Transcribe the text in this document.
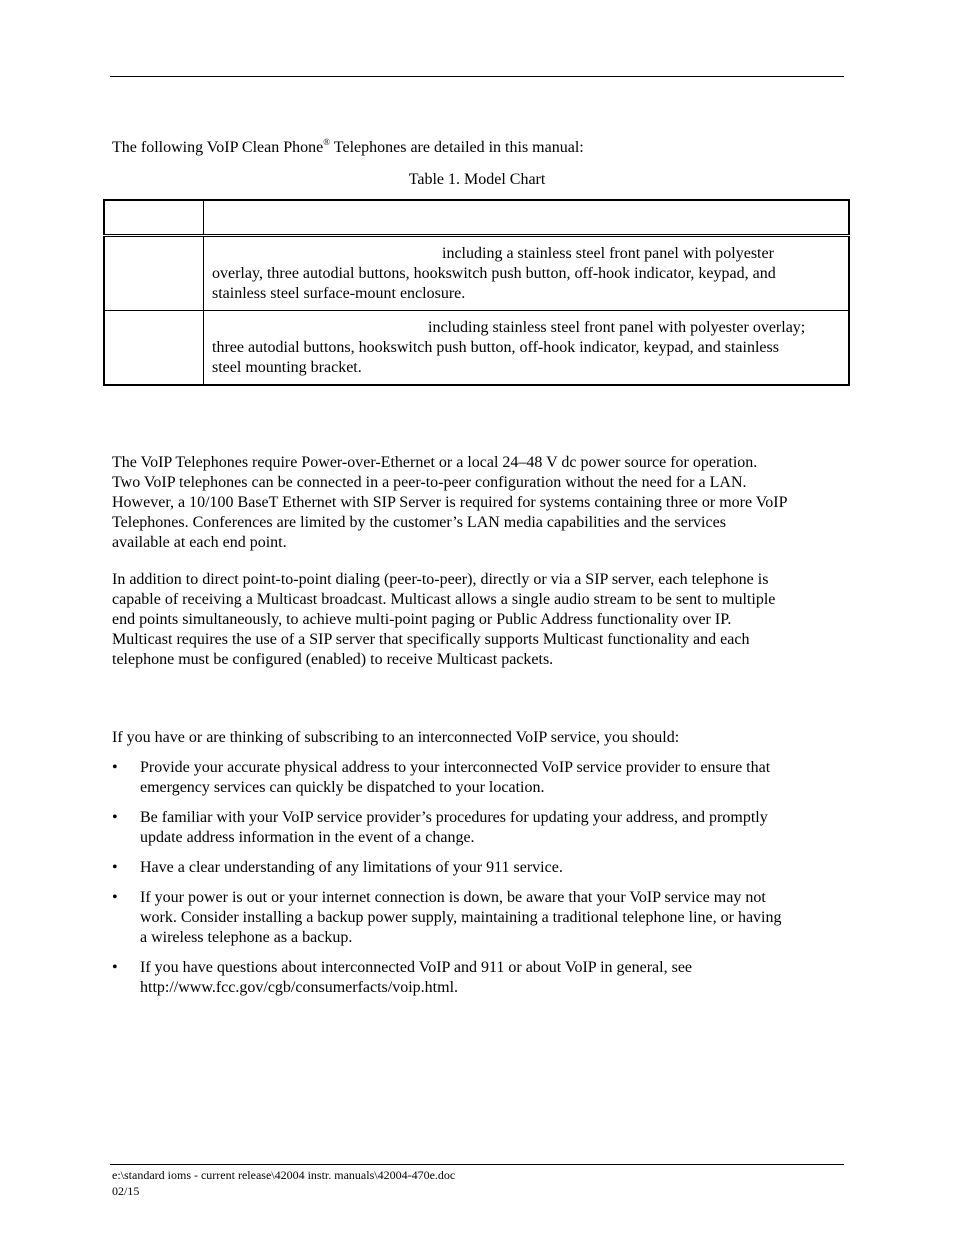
The following VoIP Clean Phone® Telephones are detailed in this manual:

Table 1. Model Chart

	including a stainless steel front panel with polyester
overlay, three autodial buttons, hookswitch push button, off-hook indicator, keypad, and
stainless steel surface-mount enclosure.
	including stainless steel front panel with polyester overlay;
three autodial buttons, hookswitch push button, off-hook indicator, keypad, and stainless
steel mounting bracket.

The VoIP Telephones require Power-over-Ethernet or a local 24–48 V dc power source for operation.
Two VoIP telephones can be connected in a peer-to-peer configuration without the need for a LAN.
However, a 10/100 BaseT Ethernet with SIP Server is required for systems containing three or more VoIP
Telephones. Conferences are limited by the customer’s LAN media capabilities and the services
available at each end point.

In addition to direct point-to-point dialing (peer-to-peer), directly or via a SIP server, each telephone is
capable of receiving a Multicast broadcast. Multicast allows a single audio stream to be sent to multiple
end points simultaneously, to achieve multi-point paging or Public Address functionality over IP.
Multicast requires the use of a SIP server that specifically supports Multicast functionality and each
telephone must be configured (enabled) to receive Multicast packets.

If you have or are thinking of subscribing to an interconnected VoIP service, you should:

• Provide your accurate physical address to your interconnected VoIP service provider to ensure that
emergency services can quickly be dispatched to your location.
• Be familiar with your VoIP service provider’s procedures for updating your address, and promptly
update address information in the event of a change.
• Have a clear understanding of any limitations of your 911 service.
• If your power is out or your internet connection is down, be aware that your VoIP service may not
work. Consider installing a backup power supply, maintaining a traditional telephone line, or having
a wireless telephone as a backup.
• If you have questions about interconnected VoIP and 911 or about VoIP in general, see
http://www.fcc.gov/cgb/consumerfacts/voip.html.

e:\standard ioms - current release\42004 instr. manuals\42004-470e.doc

02/15
